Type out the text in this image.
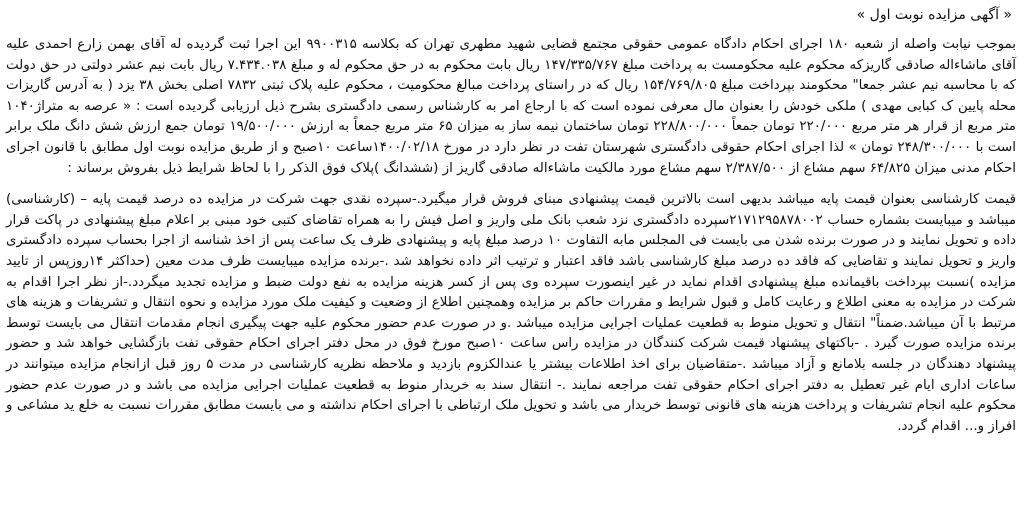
« آگهی مزایده نوبت اول »

بموجب نیابت واصله از شعبه ۱۸۰ اجرای احکام دادگاه عمومی حقوقی مجتمع قضایی شهید مطهری تهران که بکلاسه ۹۹۰۰۳۱۵ این اجرا ثبت گردیده له آقای بهمن زارع احمدی علیه آقای ماشاءاله صادقی گاریزکه محکوم علیه محکومست به پرداخت مبلغ ۱۴۷/۳۳۵/۷۶۷ ریال بابت محکوم به در حق محکوم له و مبلغ ۷.۴۳۴.۰۳۸ ریال بابت نیم عشر دولتی در حق دولت که با محاسبه نیم عشر جمعا" محکومند بپرداخت مبلغ ۱۵۴/۷۶۹/۸۰۵ ریال که در راستای پرداخت مبالغ محکومیت ، محکوم علیه پلاک ثبتی ۷۸۳۲ اصلی بخش ۳۸ یزد ( به آدرس گاریزات محله پایین ک کبابی مهدی ) ملکی خودش را بعنوان مال معرفی نموده است که با ارجاع امر به کارشناس رسمی دادگستری بشرح ذیل ارزیابی گردیده است : « عرصه به متراژ۱۰۴۰ متر مربع از قرار هر متر مربع ۲۲۰/۰۰۰ تومان جمعاً ۲۲۸/۸۰۰/۰۰۰ تومان ساختمان نیمه ساز به میزان ۶۵ متر مربع جمعاً به ارزش ۱۹/۵۰۰/۰۰۰ تومان جمع ارزش شش دانگ ملک برابر است با ۲۴۸/۳۰۰/۰۰۰ تومان » لذا اجرای احکام حقوقی دادگستری شهرستان تفت در نظر دارد در مورخ ۱۴۰۰/۰۲/۱۸ساعت ۱۰صبح و از طریق مزایده نوبت اول مطابق با قانون اجرای احکام مدنی میزان ۶۴/۸۲۵ سهم مشاع از ۲/۳۸۷/۵۰۰ سهم مشاع مورد مالکیت ماشاءاله صادقی گاریز از (ششدانگ )پلاک فوق الذکر را با لحاظ شرایط ذیل بفروش برساند :

قیمت کارشناسی بعنوان قیمت پایه میباشد بدیهی است بالاترین قیمت پیشنهادی مبنای فروش قرار میگیرد.-سپرده نقدی جهت شرکت در مزایده ده درصد قیمت پایه – (کارشناسی) میباشد و میبایست بشماره حساب ۲۱۷۱۲۹۵۸۷۸۰۰۲سپرده دادگستری نزد شعب بانک ملی واریز و اصل فیش را به همراه تقاضای کتبی خود مبنی بر اعلام مبلغ پیشنهادی در پاکت قرار داده و تحویل نمایند و در صورت برنده شدن می بایست فی المجلس مابه التفاوت ۱۰ درصد مبلغ پایه و پیشنهادی ظرف یک ساعت پس از اخذ شناسه از اجرا بحساب سپرده دادگستری واریز و تحویل نمایند و تقاضایی که فاقد ده درصد مبلغ کارشناسی باشد فاقد اعتبار و ترتیب اثر داده نخواهد شد .-برنده مزایده میبایست ظرف مدت معین (حداکثر ۱۴روزپس از تایید مزایده )نسبت بپرداخت باقیمانده مبلغ پیشنهادی اقدام نماید در غیر اینصورت سپرده وی پس از کسر هزینه مزایده به نفع دولت ضبط و مزایده تجدید میگردد.-از نظر اجرا اقدام به شرکت در مزایده به معنی اطلاع و رعایت کامل و قبول شرایط و مقررات حاکم بر مزایده وهمچنین اطلاع از وضعیت و کیفیت ملک مورد مزایده و نحوه انتقال و تشریفات و هزینه های مرتبط با آن میباشد.ضمناً" انتقال و تحویل منوط به قطعیت عملیات اجرایی مزایده میباشد .و در صورت عدم حضور محکوم علیه جهت پیگیری انجام مقدمات انتقال می بایست توسط برنده مزایده صورت گیرد . -باکتهای پیشنهاد قیمت شرکت کنندگان در مزایده راس ساعت ۱۰صبح مورخ فوق در محل دفتر اجرای احکام حقوقی تفت بازگشایی خواهد شد و حضور پیشنهاد دهندگان در جلسه بلامانع و آزاد میباشد .-متقاضیان برای اخذ اطلاعات بیشتر یا عندالکزوم بازدید و ملاحظه نظریه کارشناسی در مدت ۵ روز قبل ازانجام مزایده میتوانند در ساعات اداری ایام غیر تعطیل به دفتر اجرای احکام حقوقی تفت مراجعه نمایند .- انتقال سند به خریدار منوط به قطعیت عملیات اجرایی مزایده می باشد و در صورت عدم حضور محکوم علیه انجام تشریفات و پرداخت هزینه های قانونی توسط خریدار می باشد و تحویل ملک ارتباطی با اجرای احکام نداشته و می بایست مطابق مقررات نسبت به خلع ید مشاعی و افراز و... اقدام گردد.
